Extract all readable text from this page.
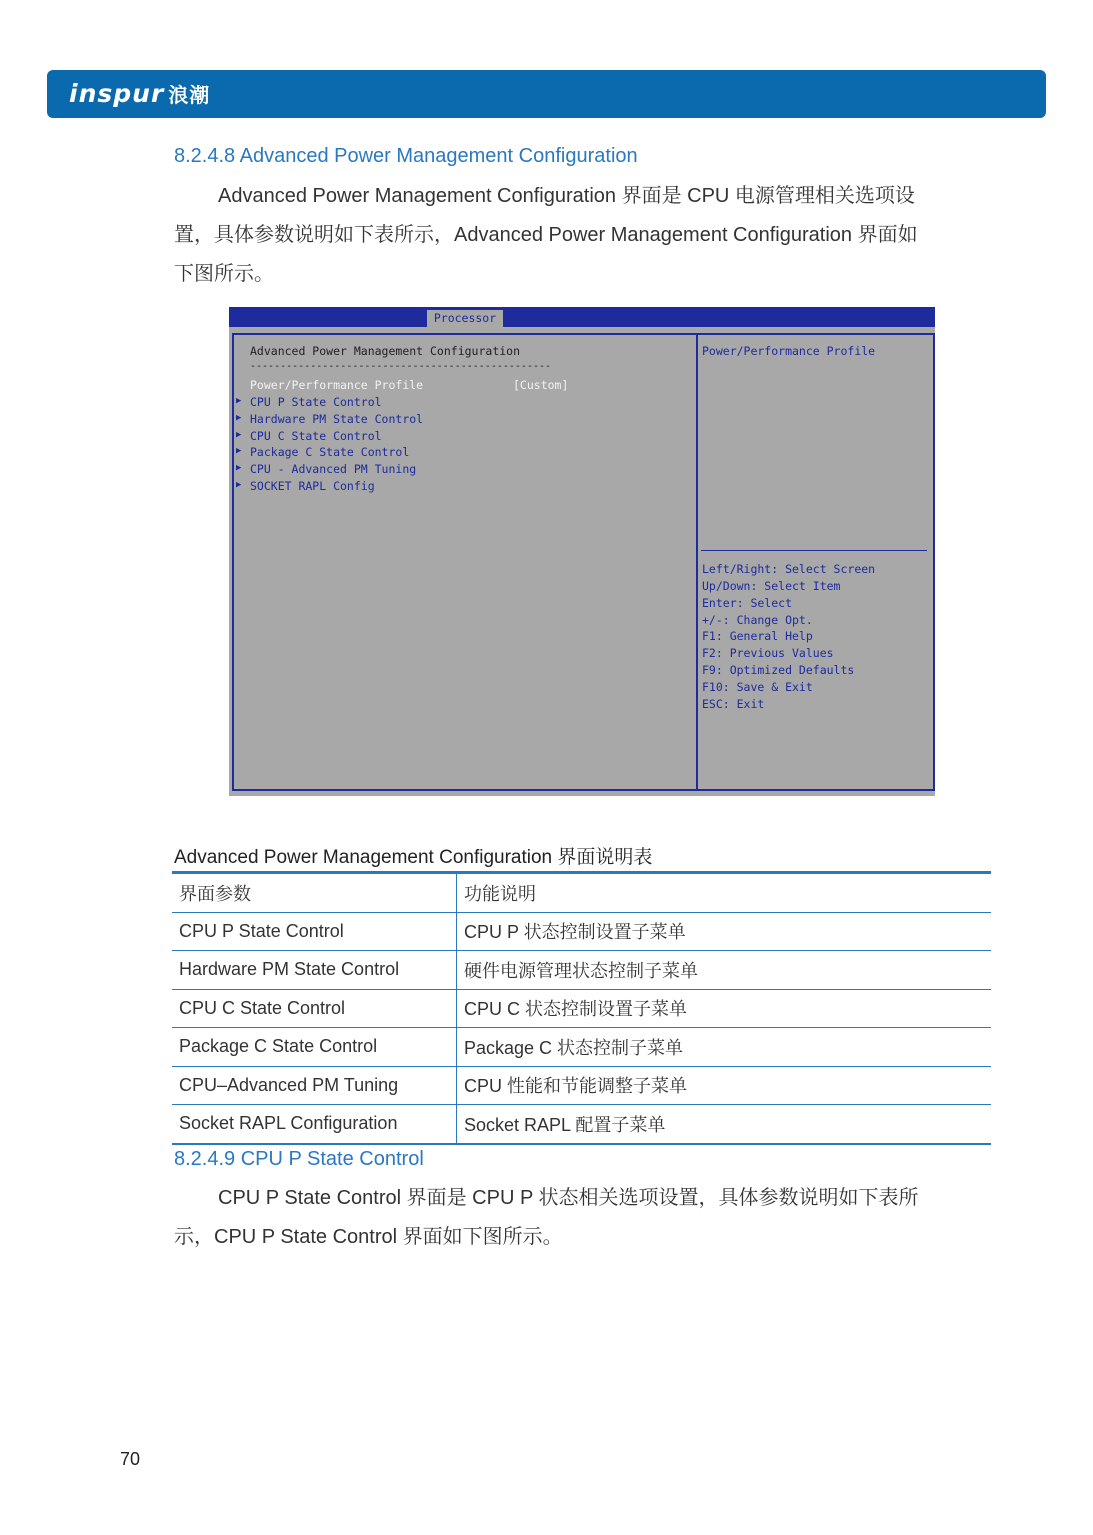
inspur 浪潮
8.2.4.8 Advanced Power Management Configuration
Advanced Power Management Configuration 界面是 CPU 电源管理相关选项设
置，具体参数说明如下表所示，Advanced Power Management Configuration 界面如
下图所示。
Processor
Advanced Power Management Configuration
--------------------------------------------------
Power/Performance Profile	[Custom]
▶ CPU P State Control
▶ Hardware PM State Control
▶ CPU C State Control
▶ Package C State Control
▶ CPU - Advanced PM Tuning
▶ SOCKET RAPL Config
Power/Performance Profile
Left/Right: Select Screen
Up/Down: Select Item
Enter: Select
+/-: Change Opt.
F1: General Help
F2: Previous Values
F9: Optimized Defaults
F10: Save & Exit
ESC: Exit
Advanced Power Management Configuration 界面说明表
界面参数	功能说明
CPU P State Control	CPU P 状态控制设置子菜单
Hardware PM State Control	硬件电源管理状态控制子菜单
CPU C State Control	CPU C 状态控制设置子菜单
Package C State Control	Package C 状态控制子菜单
CPU–Advanced PM Tuning	CPU 性能和节能调整子菜单
Socket RAPL Configuration	Socket RAPL 配置子菜单
8.2.4.9 CPU P State Control
CPU P State Control 界面是 CPU P 状态相关选项设置，具体参数说明如下表所
示，CPU P State Control 界面如下图所示。
70
